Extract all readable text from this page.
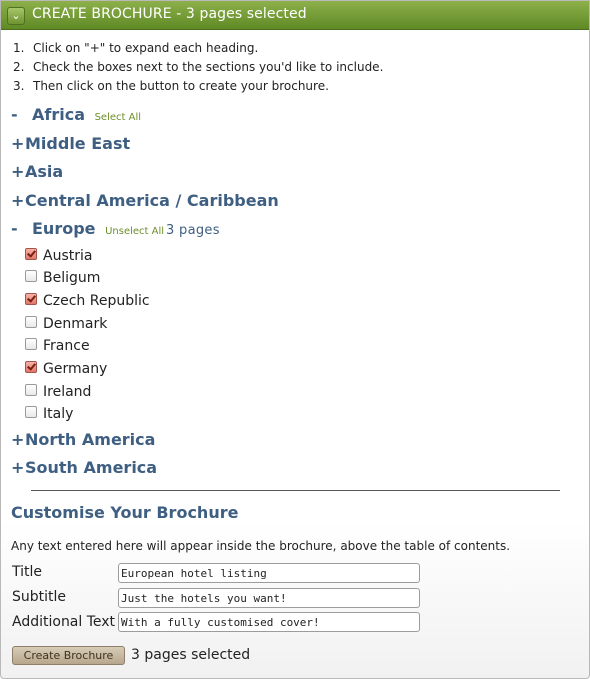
⌄ CREATE BROCHURE - 3 pages selected
1. Click on "+" to expand each heading.
2. Check the boxes next to the sections you'd like to include.
3. Then click on the button to create your brochure.
- Africa Select All
+Middle East
+Asia
+Central America / Caribbean
- Europe Unselect All 3 pages
Austria
Beligum
Czech Republic
Denmark
France
Germany
Ireland
Italy
+North America
+South America
Customise Your Brochure
Any text entered here will appear inside the brochure, above the table of contents.
Title
European hotel listing
Subtitle
Just the hotels you want!
Additional Text
With a fully customised cover!
Create Brochure	3 pages selected
